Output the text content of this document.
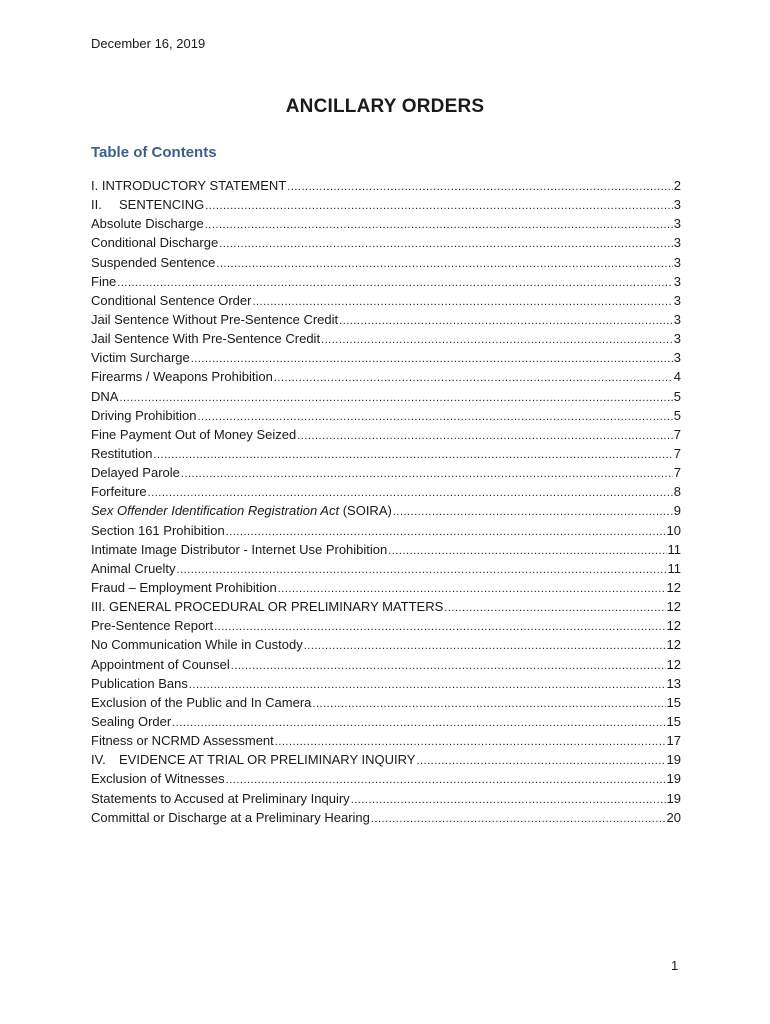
December 16, 2019
ANCILLARY ORDERS
Table of Contents
I. INTRODUCTORY STATEMENT .....	2
II. SENTENCING .....	3
Absolute Discharge .....	3
Conditional Discharge .....	3
Suspended Sentence .....	3
Fine .....	3
Conditional Sentence Order .....	3
Jail Sentence Without Pre-Sentence Credit .....	3
Jail Sentence With Pre-Sentence Credit .....	3
Victim Surcharge .....	3
Firearms / Weapons Prohibition .....	4
DNA .....	5
Driving Prohibition .....	5
Fine Payment Out of Money Seized .....	7
Restitution .....	7
Delayed Parole .....	7
Forfeiture .....	8
Sex Offender Identification Registration Act (SOIRA) .....	9
Section 161 Prohibition .....	10
Intimate Image Distributor - Internet Use Prohibition .....	11
Animal Cruelty .....	11
Fraud – Employment Prohibition .....	12
III. GENERAL PROCEDURAL OR PRELIMINARY MATTERS .....	12
Pre-Sentence Report .....	12
No Communication While in Custody .....	12
Appointment of Counsel .....	12
Publication Bans .....	13
Exclusion of the Public and In Camera .....	15
Sealing Order .....	15
Fitness or NCRMD Assessment .....	17
IV. EVIDENCE AT TRIAL OR PRELIMINARY INQUIRY .....	19
Exclusion of Witnesses .....	19
Statements to Accused at Preliminary Inquiry .....	19
Committal or Discharge at a Preliminary Hearing .....	20
1
